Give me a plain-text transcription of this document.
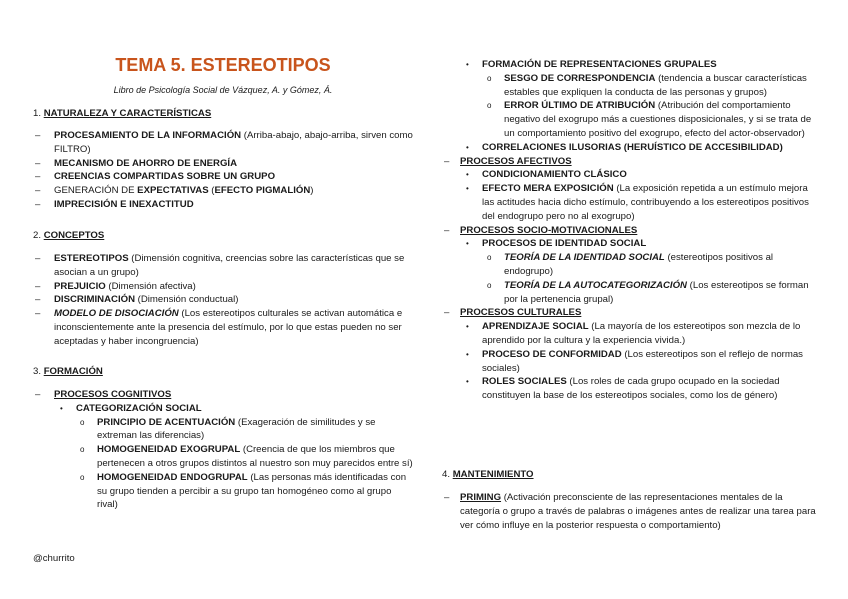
TEMA 5. ESTEREOTIPOS
Libro de Psicología Social de Vázquez, A. y Gómez, Á.
1. NATURALEZA Y CARACTERÍSTICAS
– PROCESAMIENTO DE LA INFORMACIÓN (Arriba-abajo, abajo-arriba, sirven como FILTRO)
– MECANISMO DE AHORRO DE ENERGÍA
– CREENCIAS COMPARTIDAS SOBRE UN GRUPO
– GENERACIÓN DE EXPECTATIVAS (EFECTO PIGMALIÓN)
– IMPRECISIÓN E INEXACTITUD
2. CONCEPTOS
– ESTEREOTIPOS (Dimensión cognitiva, creencias sobre las características que se asocian a un grupo)
– PREJUICIO (Dimensión afectiva)
– DISCRIMINACIÓN (Dimensión conductual)
– MODELO DE DISOCIACIÓN (Los estereotipos culturales se activan automática e inconscientemente ante la presencia del estímulo, por lo que estas pueden no ser aceptadas y haber incongruencia)
3. FORMACIÓN
– PROCESOS COGNITIVOS
• CATEGORIZACIÓN SOCIAL
o PRINCIPIO DE ACENTUACIÓN (Exageración de similitudes y se extreman las diferencias)
o HOMOGENEIDAD EXOGRUPAL (Creencia de que los miembros que pertenecen a otros grupos distintos al nuestro son muy parecidos entre sí)
o HOMOGENEIDAD ENDOGRUPAL (Las personas más identificadas con su grupo tienden a percibir a su grupo tan homogéneo como al grupo rival)
• FORMACIÓN DE REPRESENTACIONES GRUPALES
o SESGO DE CORRESPONDENCIA (tendencia a buscar características estables que expliquen la conducta de las personas y grupos)
o ERROR ÚLTIMO DE ATRIBUCIÓN (Atribución del comportamiento negativo del exogrupo más a cuestiones disposicionales, y si se trata de un comportamiento positivo del exogrupo, efecto del actor-observador)
• CORRELACIONES ILUSORIAS (HERUÍSTICO DE ACCESIBILIDAD)
– PROCESOS AFECTIVOS
• CONDICIONAMIENTO CLÁSICO
• EFECTO MERA EXPOSICIÓN (La exposición repetida a un estímulo mejora las actitudes hacia dicho estímulo, contribuyendo a los estereotipos positivos del endogrupo pero no al exogrupo)
– PROCESOS SOCIO-MOTIVACIONALES
• PROCESOS DE IDENTIDAD SOCIAL
o TEORÍA DE LA IDENTIDAD SOCIAL (estereotipos positivos al endogrupo)
o TEORÍA DE LA AUTOCATEGORIZACIÓN (Los estereotipos se forman por la pertenencia grupal)
– PROCESOS CULTURALES
• APRENDIZAJE SOCIAL (La mayoría de los estereotipos son mezcla de lo aprendido por la cultura y la experiencia vivida.)
• PROCESO DE CONFORMIDAD (Los estereotipos son el reflejo de normas sociales)
• ROLES SOCIALES (Los roles de cada grupo ocupado en la sociedad constituyen la base de los estereotipos sociales, como los de género)
4. MANTENIMIENTO
– PRIMING (Activación preconsciente de las representaciones mentales de la categoría o grupo a través de palabras o imágenes antes de realizar una tarea para ver cómo influye en la posterior respuesta o comportamiento)
@churrito
